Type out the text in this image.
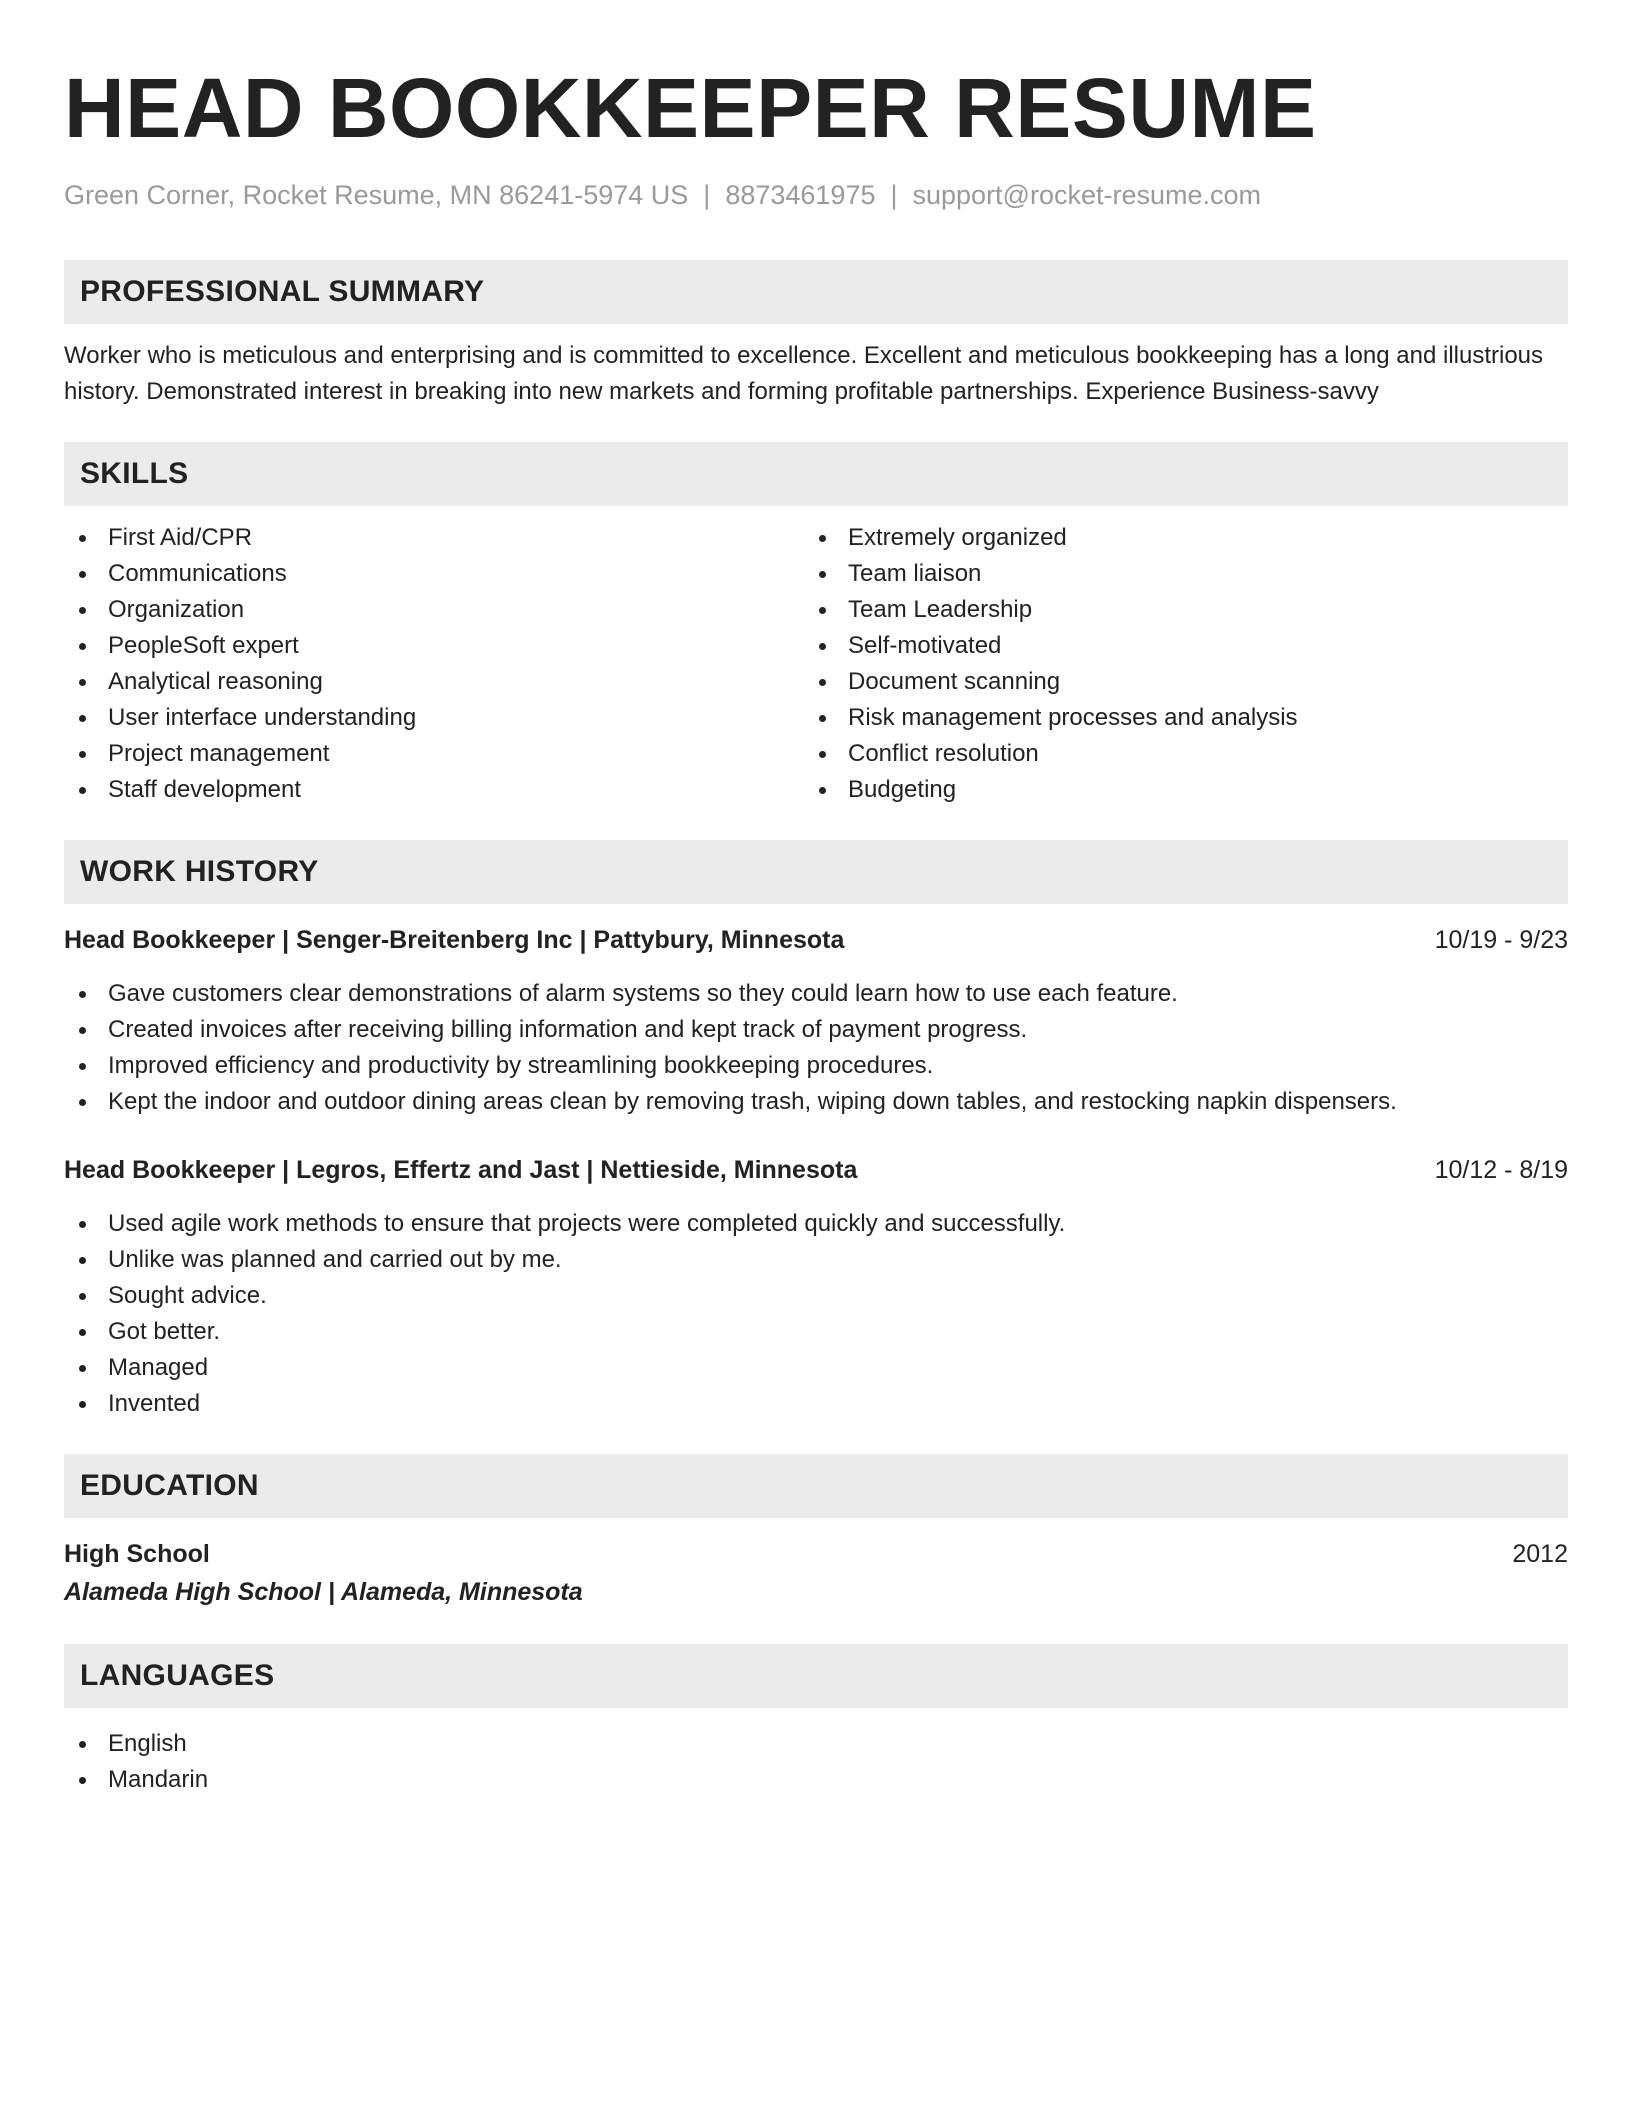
HEAD BOOKKEEPER RESUME
Green Corner, Rocket Resume, MN 86241-5974 US | 8873461975 | support@rocket-resume.com
PROFESSIONAL SUMMARY
Worker who is meticulous and enterprising and is committed to excellence. Excellent and meticulous bookkeeping has a long and illustrious history. Demonstrated interest in breaking into new markets and forming profitable partnerships. Experience Business-savvy
SKILLS
First Aid/CPR
Communications
Organization
PeopleSoft expert
Analytical reasoning
User interface understanding
Project management
Staff development
Extremely organized
Team liaison
Team Leadership
Self-motivated
Document scanning
Risk management processes and analysis
Conflict resolution
Budgeting
WORK HISTORY
Head Bookkeeper | Senger-Breitenberg Inc | Pattybury, Minnesota	10/19 - 9/23
Gave customers clear demonstrations of alarm systems so they could learn how to use each feature.
Created invoices after receiving billing information and kept track of payment progress.
Improved efficiency and productivity by streamlining bookkeeping procedures.
Kept the indoor and outdoor dining areas clean by removing trash, wiping down tables, and restocking napkin dispensers.
Head Bookkeeper | Legros, Effertz and Jast | Nettieside, Minnesota	10/12 - 8/19
Used agile work methods to ensure that projects were completed quickly and successfully.
Unlike was planned and carried out by me.
Sought advice.
Got better.
Managed
Invented
EDUCATION
High School	2012
Alameda High School | Alameda, Minnesota
LANGUAGES
English
Mandarin
